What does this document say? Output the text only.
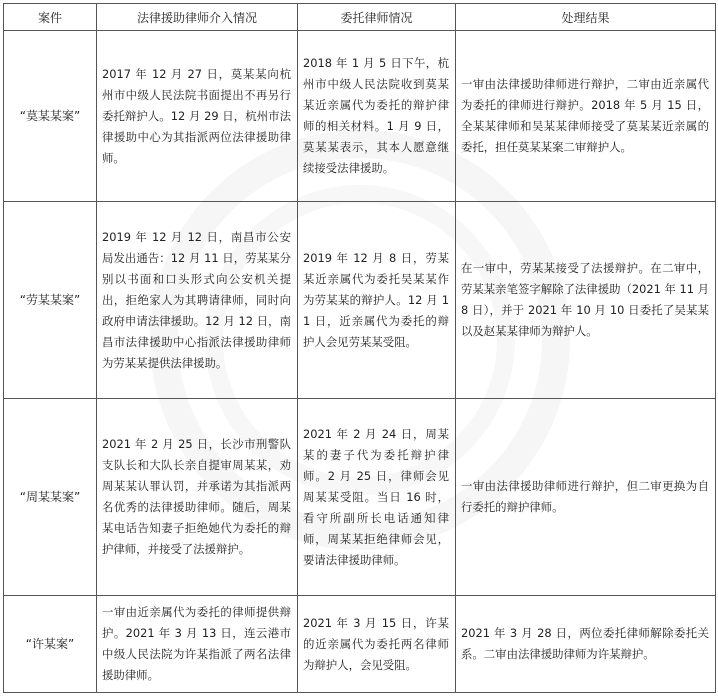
案件	法律援助律师介入情况	委托律师情况	处理结果
“莫某某案”	2017 年 12 月 27 日，莫某某向杭州市中级人民法院书面提出不再另行委托辩护人。12 月 29 日，杭州市法律援助中心为其指派两位法律援助律师。	2018 年 1 月 5 日下午，杭州市中级人民法院收到莫某某近亲属代为委托的辩护律师的相关材料。1 月 9 日，莫某某表示，其本人愿意继续接受法律援助。	一审由法律援助律师进行辩护，二审由近亲属代为委托的律师进行辩护。2018 年 5 月 15 日，全某某律师和吴某某律师接受了莫某某近亲属的委托，担任莫某某案二审辩护人。
“劳某某案”	2019 年 12 月 12 日，南昌市公安局发出通告：12 月 11 日，劳某某分别以书面和口头形式向公安机关提出，拒绝家人为其聘请律师，同时向政府申请法律援助。12 月 12 日，南昌市法律援助中心指派法律援助律师为劳某某提供法律援助。	2019 年 12 月 8 日，劳某某近亲属代为委托吴某某作为劳某某的辩护人。12 月 11 日，近亲属代为委托的辩护人会见劳某某受阻。	在一审中，劳某某接受了法援辩护。在二审中，劳某某亲笔签字解除了法律援助（2021 年 11 月 8 日），并于 2021 年 10 月 10 日委托了吴某某以及赵某某律师为辩护人。
“周某某案”	2021 年 2 月 25 日，长沙市刑警队支队长和大队长亲自提审周某某，劝周某某认罪认罚，并承诺为其指派两名优秀的法律援助律师。随后，周某某电话告知妻子拒绝她代为委托的辩护律师，并接受了法援辩护。	2021 年 2 月 24 日，周某某的妻子代为委托辩护律师。2 月 25 日，律师会见周某某受阻。当日 16 时，看守所副所长电话通知律师，周某某拒绝律师会见，要请法律援助律师。	一审由法律援助律师进行辩护，但二审更换为自行委托的辩护律师。
“许某案”	一审由近亲属代为委托的律师提供辩护。2021 年 3 月 13 日，连云港市中级人民法院为许某指派了两名法律援助律师。	2021 年 3 月 15 日，许某的近亲属代为委托两名律师为辩护人，会见受阻。	2021 年 3 月 28 日，两位委托律师解除委托关系。二审由法律援助律师为许某辩护。
